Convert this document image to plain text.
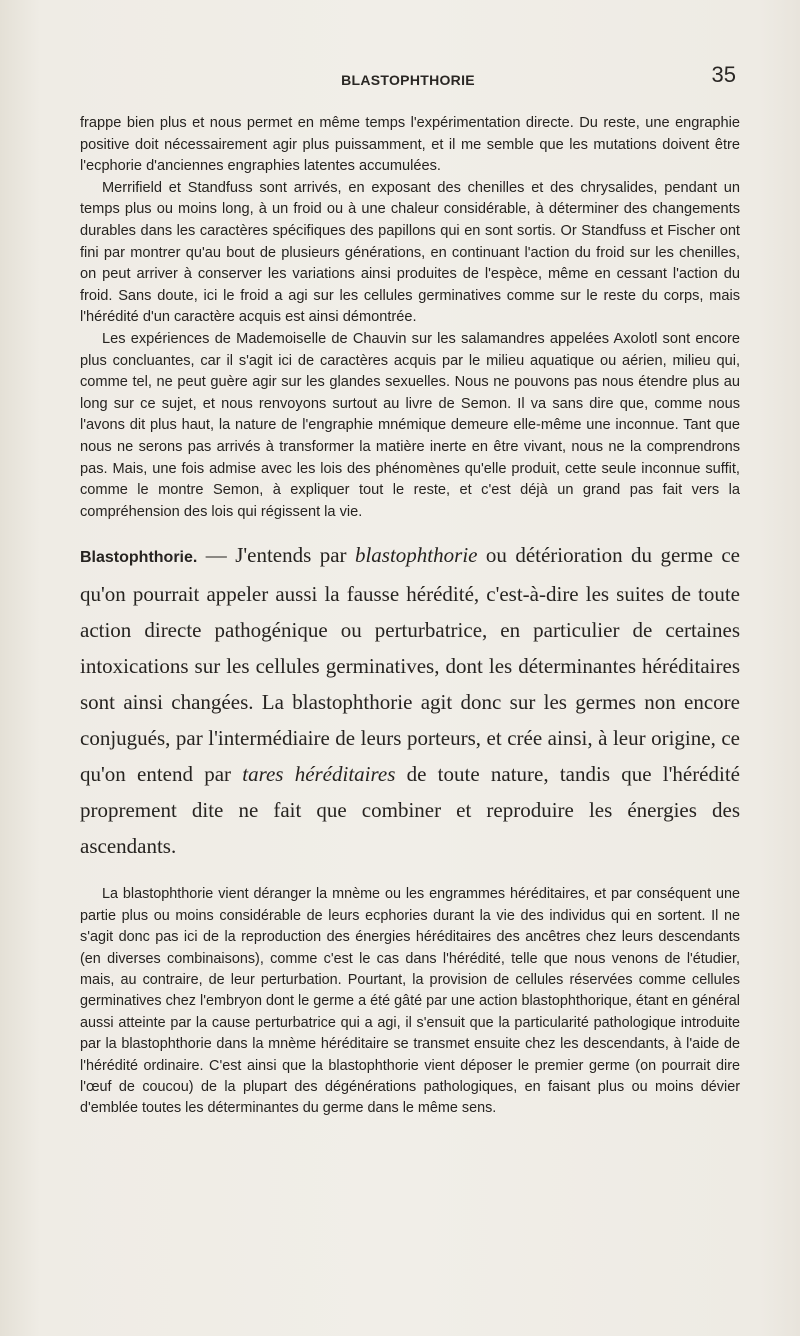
BLASTOPHTHORIE	35

frappe bien plus et nous permet en même temps l'expérimentation directe. Du reste, une engraphie positive doit nécessairement agir plus puissamment, et il me semble que les mutations doivent être l'ecphorie d'anciennes engraphies latentes accumulées.

Merrifield et Standfuss sont arrivés, en exposant des chenilles et des chrysalides, pendant un temps plus ou moins long, à un froid ou à une chaleur considérable, à déterminer des changements durables dans les caractères spécifiques des papillons qui en sont sortis. Or Standfuss et Fischer ont fini par montrer qu'au bout de plusieurs générations, en continuant l'action du froid sur les chenilles, on peut arriver à conserver les variations ainsi produites de l'espèce, même en cessant l'action du froid. Sans doute, ici le froid a agi sur les cellules germinatives comme sur le reste du corps, mais l'hérédité d'un caractère acquis est ainsi démontrée.

Les expériences de Mademoiselle de Chauvin sur les salamandres appelées Axolotl sont encore plus concluantes, car il s'agit ici de caractères acquis par le milieu aquatique ou aérien, milieu qui, comme tel, ne peut guère agir sur les glandes sexuelles. Nous ne pouvons pas nous étendre plus au long sur ce sujet, et nous renvoyons surtout au livre de Semon. Il va sans dire que, comme nous l'avons dit plus haut, la nature de l'engraphie mnémique demeure elle-même une inconnue. Tant que nous ne serons pas arrivés à transformer la matière inerte en être vivant, nous ne la comprendrons pas. Mais, une fois admise avec les lois des phénomènes qu'elle produit, cette seule inconnue suffit, comme le montre Semon, à expliquer tout le reste, et c'est déjà un grand pas fait vers la compréhension des lois qui régissent la vie.

Blastophthorie. — J'entends par blastophthorie ou détérioration du germe ce qu'on pourrait appeler aussi la fausse hérédité, c'est-à-dire les suites de toute action directe pathogénique ou perturbatrice, en particulier de certaines intoxications sur les cellules germinatives, dont les déterminantes héréditaires sont ainsi changées. La blastophthorie agit donc sur les germes non encore conjugués, par l'intermédiaire de leurs porteurs, et crée ainsi, à leur origine, ce qu'on entend par tares héréditaires de toute nature, tandis que l'hérédité proprement dite ne fait que combiner et reproduire les énergies des ascendants.

La blastophthorie vient déranger la mnème ou les engrammes héréditaires, et par conséquent une partie plus ou moins considérable de leurs ecphories durant la vie des individus qui en sortent. Il ne s'agit donc pas ici de la reproduction des énergies héréditaires des ancêtres chez leurs descendants (en diverses combinaisons), comme c'est le cas dans l'hérédité, telle que nous venons de l'étudier, mais, au contraire, de leur perturbation. Pourtant, la provision de cellules réservées comme cellules germinatives chez l'embryon dont le germe a été gâté par une action blastophthorique, étant en général aussi atteinte par la cause perturbatrice qui a agi, il s'ensuit que la particularité pathologique introduite par la blastophthorie dans la mnème héréditaire se transmet ensuite chez les descendants, à l'aide de l'hérédité ordinaire. C'est ainsi que la blastophthorie vient déposer le premier germe (on pourrait dire l'œuf de coucou) de la plupart des dégénérations pathologiques, en faisant plus ou moins dévier d'emblée toutes les déterminantes du germe dans le même sens.
